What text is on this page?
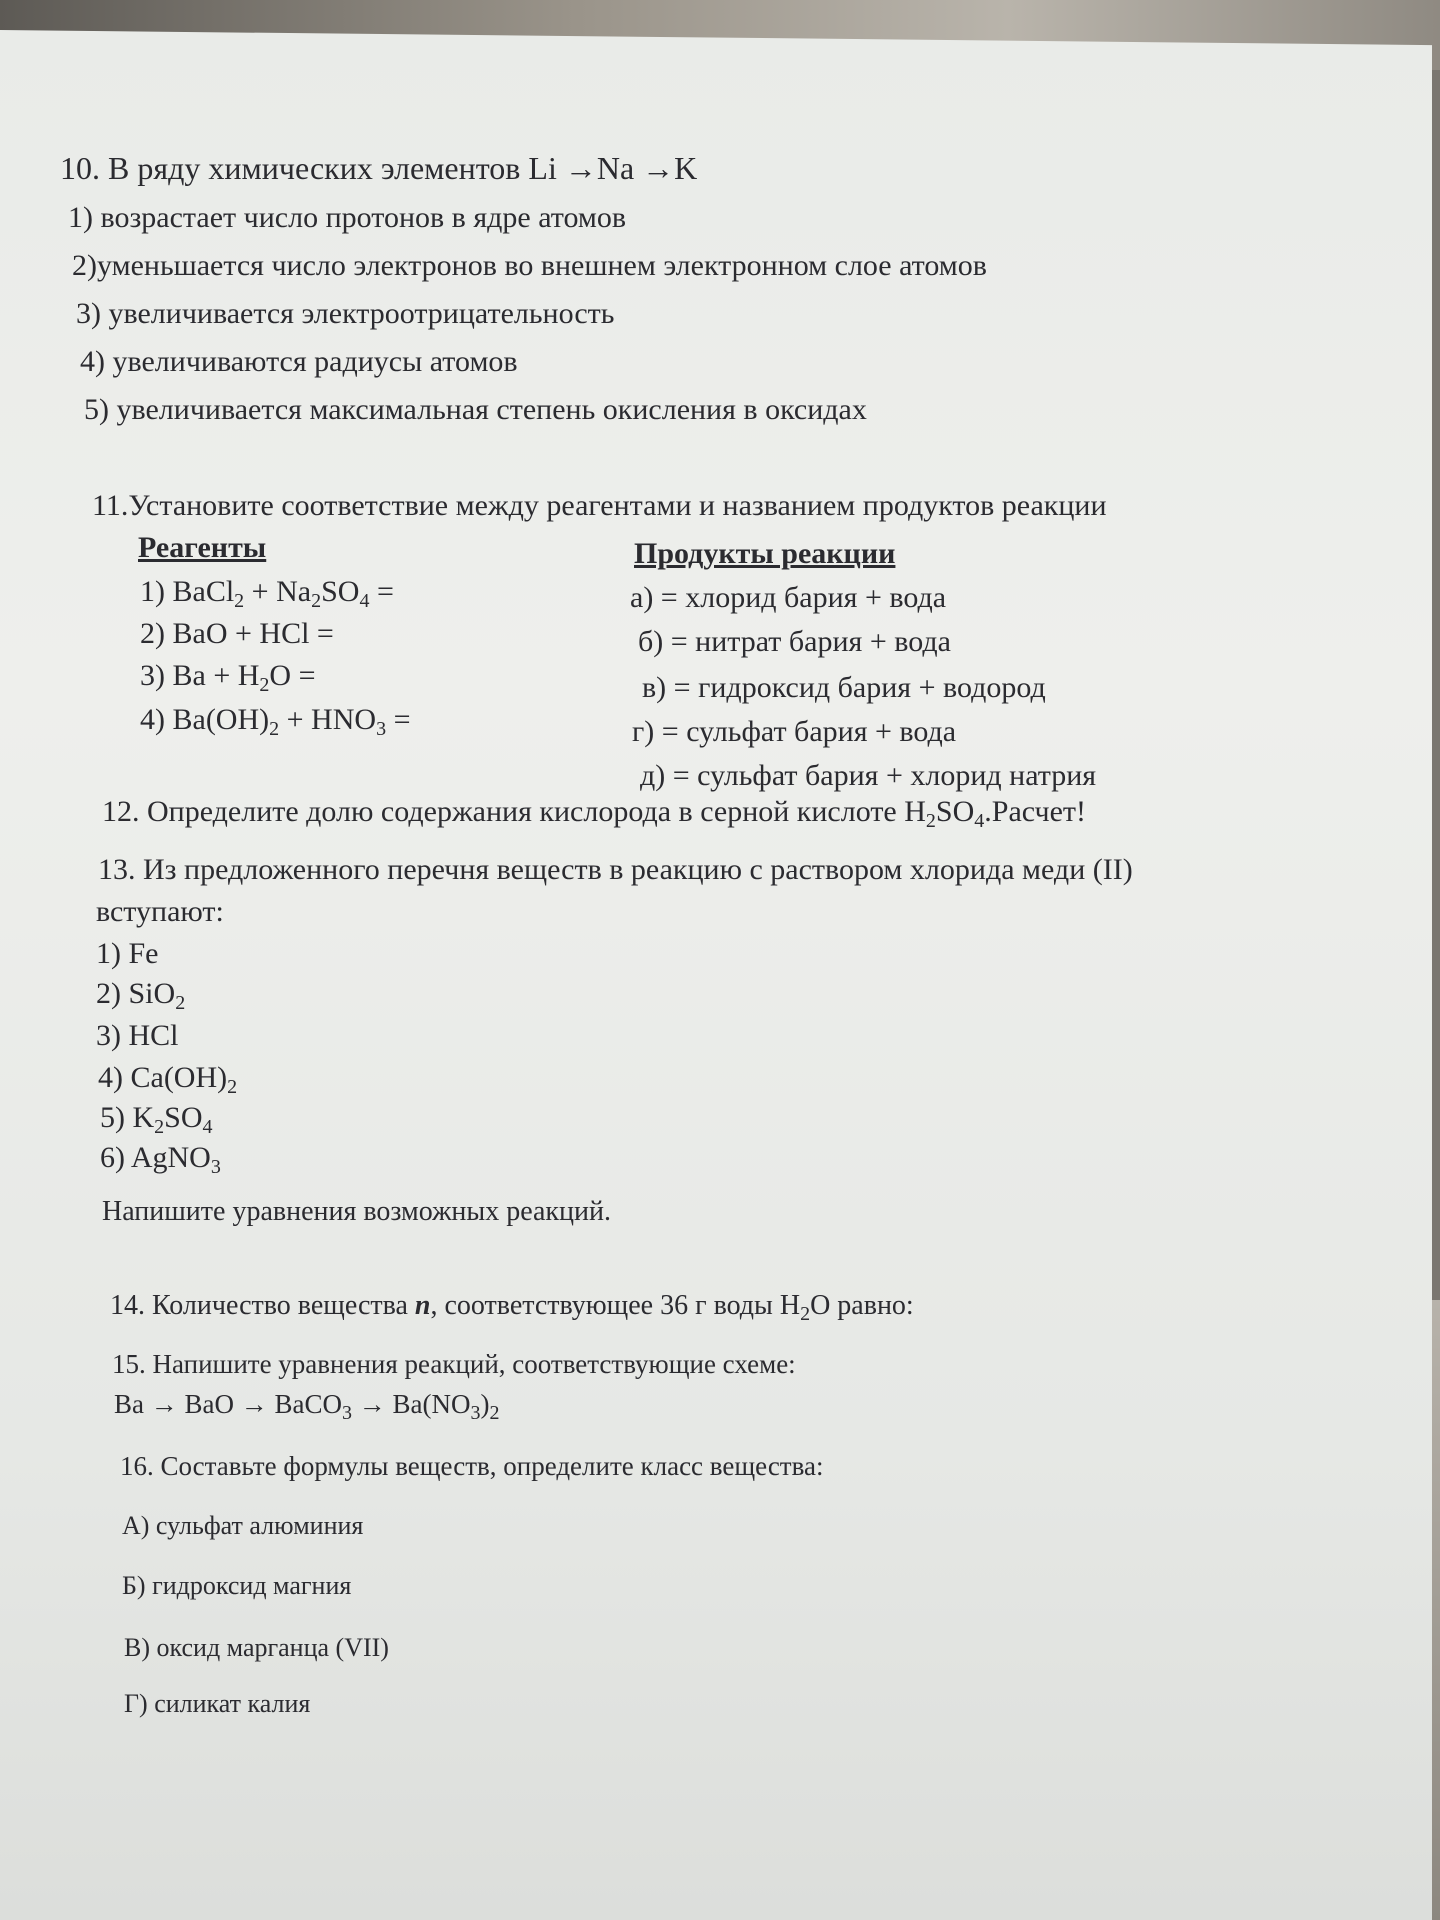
10. В ряду химических элементов Li →Na →K
1) возрастает число протонов в ядре атомов
2)уменьшается число электронов во внешнем электронном слое атомов
3) увеличивается электроотрицательность
4) увеличиваются радиусы атомов
5) увеличивается максимальная степень окисления в оксидах
11.Установите соответствие между реагентами и названием продуктов реакции
Реагенты	Продукты реакции
1) BaCl$_2$ + $Na_2SO_4$ =
2) BaO + HCl =
3) $Ba + H_2O$ =
4) $Ba(OH)_2 + HNO_3$ =
а) = хлорид бария + вода
б) = нитрат бария + вода
в) = гидроксид бария + водород
г) = сульфат бария + вода
д) = сульфат бария + хлорид натрия
12. Определите долю содержания кислорода в серной кислоте $H_2SO_4.Расчет$!
13. Из предложенного перечня веществ в реакцию с раствором хлорида меди (II)
вступают:
1) Fe
2) SiO$_2$
3) HCl
4) $Ca(OH)_2$
5) $K_2SO_4$
6) AgNO$_3$
Напишите уравнения возможных реакций.
14. Количество вещества n, соответствующее 36 г воды $H_2O$ равно:
15. Напишите уравнения реакций, соответствующие схеме:
Ba → BaO → BaCO$_3$ → $Ba(NO_3)_2$
16. Составьте формулы веществ, определите класс вещества:
А) сульфат алюминия
Б) гидроксид магния
В) оксид марганца (VII)
Г) силикат калия
